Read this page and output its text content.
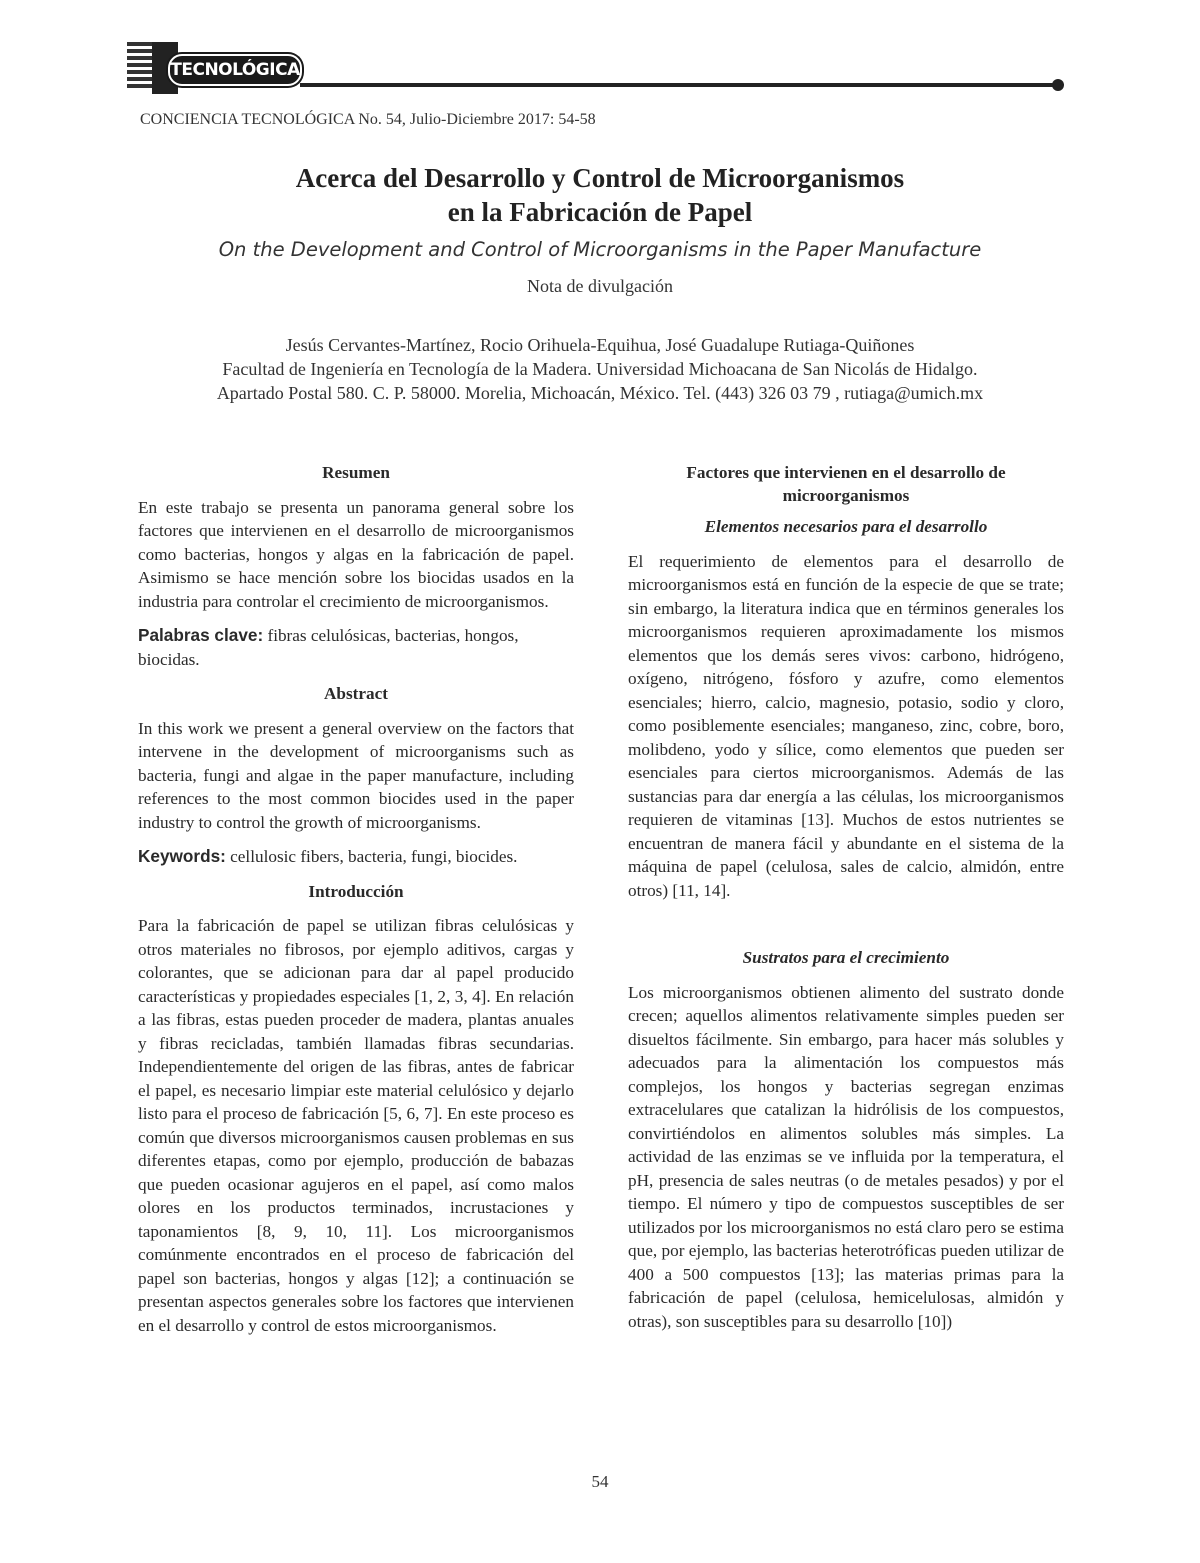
TECNOLÓGICA
CONCIENCIA TECNOLÓGICA No. 54, Julio-Diciembre 2017: 54-58
Acerca del Desarrollo y Control de Microorganismos
en la Fabricación de Papel
On the Development and Control of Microorganisms in the Paper Manufacture
Nota de divulgación
Jesús Cervantes-Martínez, Rocio Orihuela-Equihua, José Guadalupe Rutiaga-Quiñones
Facultad de Ingeniería en Tecnología de la Madera. Universidad Michoacana de San Nicolás de Hidalgo.
Apartado Postal 580. C. P. 58000. Morelia, Michoacán, México. Tel. (443) 326 03 79 , rutiaga@umich.mx
Resumen

En este trabajo se presenta un panorama general sobre los factores que intervienen en el desarrollo de microorganismos como bacterias, hongos y algas en la fabricación de papel. Asimismo se hace mención sobre los biocidas usados en la industria para controlar el crecimiento de microorganismos.

Palabras clave: fibras celulósicas, bacterias, hongos, biocidas.

Abstract

In this work we present a general overview on the factors that intervene in the development of microorganisms such as bacteria, fungi and algae in the paper manufacture, including references to the most common biocides used in the paper industry to control the growth of microorganisms.

Keywords: cellulosic fibers, bacteria, fungi, biocides.

Introducción

Para la fabricación de papel se utilizan fibras celulósicas y otros materiales no fibrosos, por ejemplo aditivos, cargas y colorantes, que se adicionan para dar al papel producido características y propiedades especiales [1, 2, 3, 4]. En relación a las fibras, estas pueden proceder de madera, plantas anuales y fibras recicladas, también llamadas fibras secundarias. Independientemente del origen de las fibras, antes de fabricar el papel, es necesario limpiar este material celulósico y dejarlo listo para el proceso de fabricación [5, 6, 7]. En este proceso es común que diversos microorganismos causen problemas en sus diferentes etapas, como por ejemplo, producción de babazas que pueden ocasionar agujeros en el papel, así como malos olores en los productos terminados, incrustaciones y taponamientos [8, 9, 10, 11]. Los microorganismos comúnmente encontrados en el proceso de fabricación del papel son bacterias, hongos y algas [12]; a continuación se presentan aspectos generales sobre los factores que intervienen en el desarrollo y control de estos microorganismos.

Factores que intervienen en el desarrollo de
microorganismos
Elementos necesarios para el desarrollo

El requerimiento de elementos para el desarrollo de microorganismos está en función de la especie de que se trate; sin embargo, la literatura indica que en términos generales los microorganismos requieren aproximadamente los mismos elementos que los demás seres vivos: carbono, hidrógeno, oxígeno, nitrógeno, fósforo y azufre, como elementos esenciales; hierro, calcio, magnesio, potasio, sodio y cloro, como posiblemente esenciales; manganeso, zinc, cobre, boro, molibdeno, yodo y sílice, como elementos que pueden ser esenciales para ciertos microorganismos. Además de las sustancias para dar energía a las células, los microorganismos requieren de vitaminas [13]. Muchos de estos nutrientes se encuentran de manera fácil y abundante en el sistema de la máquina de papel (celulosa, sales de calcio, almidón, entre otros) [11, 14].

Sustratos para el crecimiento

Los microorganismos obtienen alimento del sustrato donde crecen; aquellos alimentos relativamente simples pueden ser disueltos fácilmente. Sin embargo, para hacer más solubles y adecuados para la alimentación los compuestos más complejos, los hongos y bacterias segregan enzimas extracelulares que catalizan la hidrólisis de los compuestos, convirtiéndolos en alimentos solubles más simples. La actividad de las enzimas se ve influida por la temperatura, el pH, presencia de sales neutras (o de metales pesados) y por el tiempo. El número y tipo de compuestos susceptibles de ser utilizados por los microorganismos no está claro pero se estima que, por ejemplo, las bacterias heterotróficas pueden utilizar de 400 a 500 compuestos [13]; las materias primas para la fabricación de papel (celulosa, hemicelulosas, almidón y otras), son susceptibles para su desarrollo [10])

54
